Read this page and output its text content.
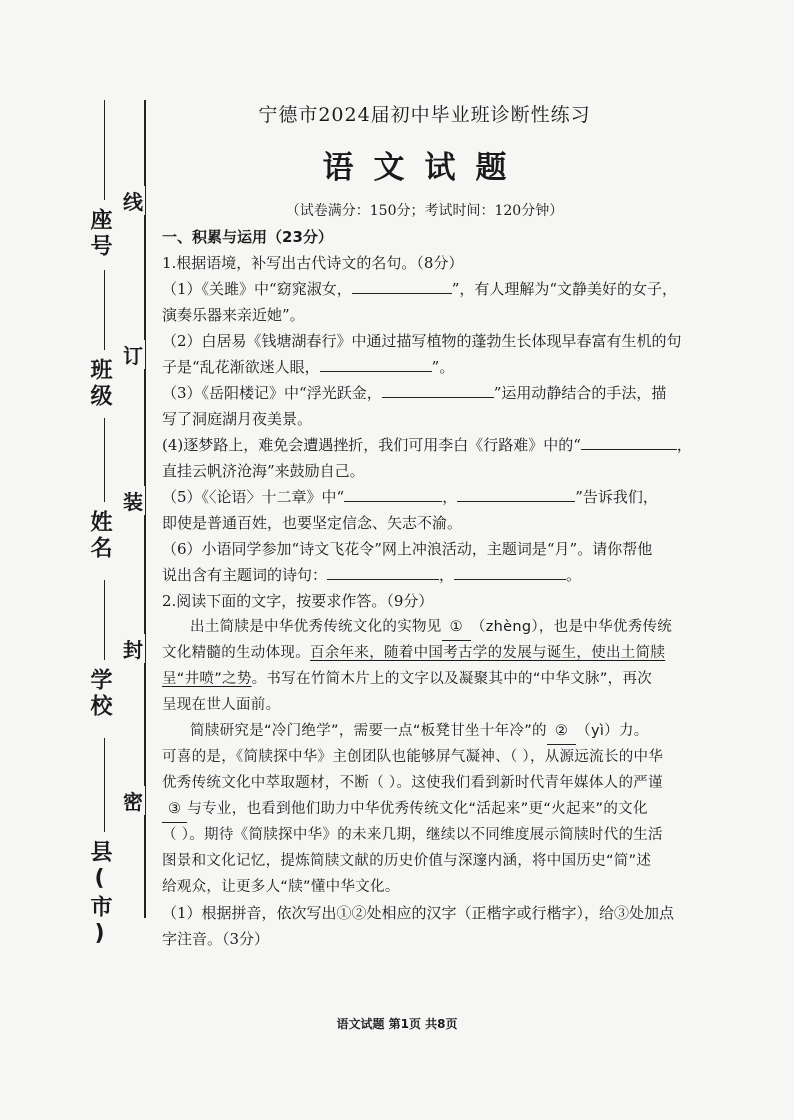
座号
班级
姓名
学校
县(市)
线
订
装
封
密
宁德市2024届初中毕业班诊断性练习
语文试题
（试卷满分：150分；考试时间：120分钟）
一、积累与运用（23分）
1.根据语境，补写出古代诗文的名句。（8分）
（1）《关雎》中“窈窕淑女，	”，有人理解为“文静美好的女子，
演奏乐器来亲近她”。
（2）白居易《钱塘湖春行》中通过描写植物的蓬勃生长体现早春富有生机的句
子是“乱花渐欲迷人眼，	”。
（3）《岳阳楼记》中“浮光跃金，	”运用动静结合的手法，描
写了洞庭湖月夜美景。
(4)逐梦路上，难免会遭遇挫折，我们可用李白《行路难》中的“	，
直挂云帆济沧海”来鼓励自己。
（5）《〈论语〉十二章》中“	，	”告诉我们，
即使是普通百姓，也要坚定信念、矢志不渝。
（6）小语同学参加“诗文飞花令”网上冲浪活动，主题词是“月”。请你帮他
说出含有主题词的诗句：	，	。
2.阅读下面的文字，按要求作答。（9分）
出土简牍是中华优秀传统文化的实物见 ① （zhèng），也是中华优秀传统
文化精髓的生动体现。百余年来，随着中国考古学的发展与诞生，使出土简牍
呈“井喷”之势。书写在竹简木片上的文字以及凝聚其中的“中华文脉”，再次
呈现在世人面前。
简牍研究是“冷门绝学”，需要一点“板凳甘坐十年冷”的 ② （yì）力。
可喜的是，《简牍探中华》主创团队也能够屏气凝神、（ ），从源远流长的中华
优秀传统文化中萃取题材，不断（ ）。这使我们看到新时代青年媒体人的严谨
③ 与专业，也看到他们助力中华优秀传统文化“活起来”更“火起来”的文化
（ ）。期待《简牍探中华》的未来几期，继续以不同维度展示简牍时代的生活
图景和文化记忆，提炼简牍文献的历史价值与深邃内涵，将中国历史“简”述
给观众，让更多人“牍”懂中华文化。
（1）根据拼音，依次写出①②处相应的汉字（正楷字或行楷字），给③处加点
字注音。（3分）
语文试题 第1页 共8页
